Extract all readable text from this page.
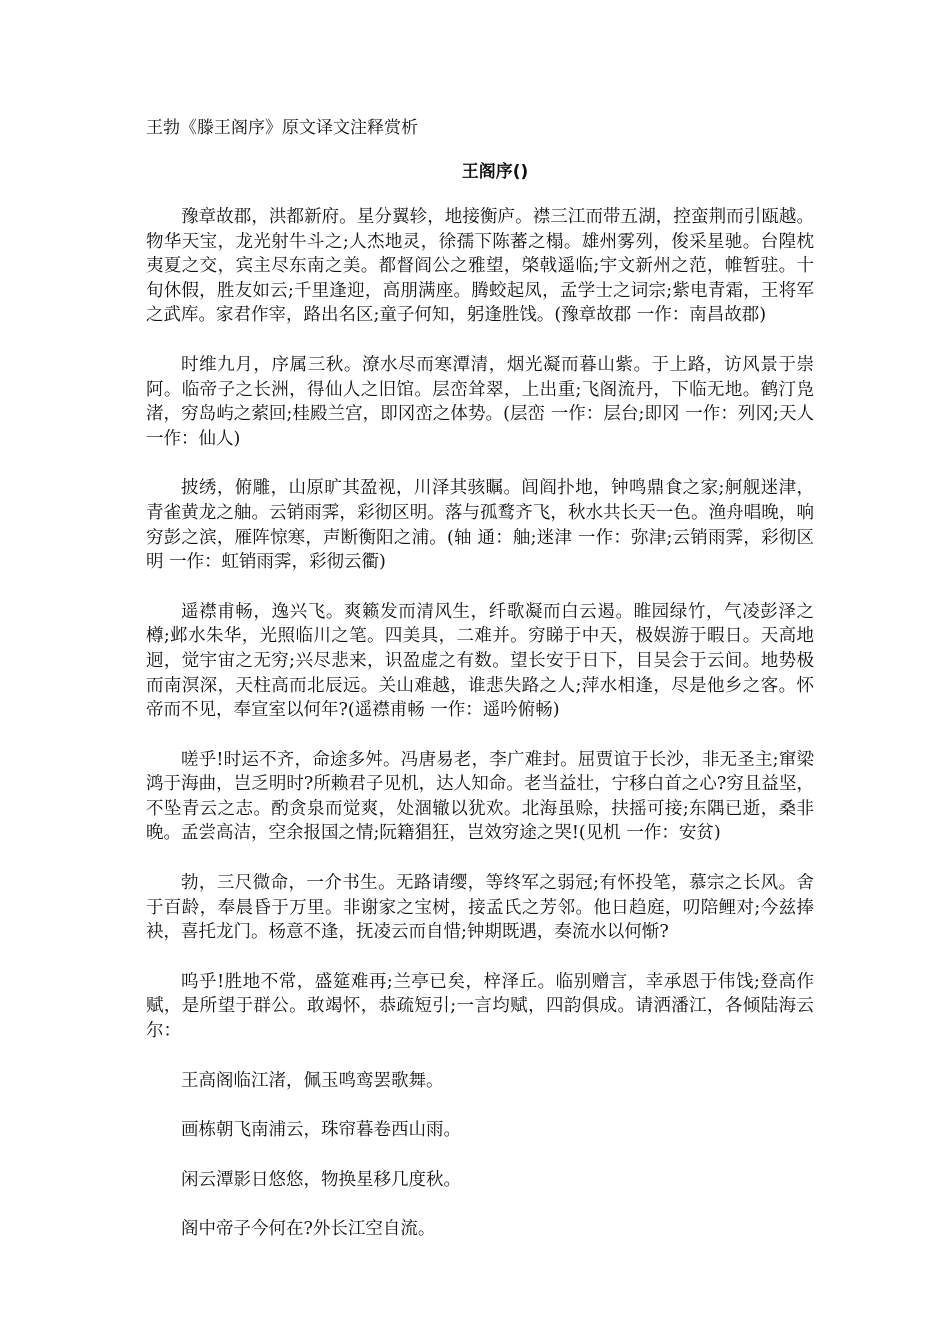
王勃《滕王阁序》原文译文注释赏析
王阁序()

豫章故郡，洪都新府。星分翼轸，地接衡庐。襟三江而带五湖，控蛮荆而引瓯越。物华天宝，龙光射牛斗之;人杰地灵，徐孺下陈蕃之榻。雄州雾列，俊采星驰。台隍枕夷夏之交，宾主尽东南之美。都督阎公之雅望，棨戟遥临;宇文新州之范，帷暂驻。十旬休假，胜友如云;千里逢迎，高朋满座。腾蛟起凤，孟学士之词宗;紫电青霜，王将军之武库。家君作宰，路出名区;童子何知，躬逢胜饯。(豫章故郡 一作：南昌故郡)

时维九月，序属三秋。潦水尽而寒潭清，烟光凝而暮山紫。于上路，访风景于崇阿。临帝子之长洲，得仙人之旧馆。层峦耸翠，上出重;飞阁流丹，下临无地。鹤汀凫渚，穷岛屿之萦回;桂殿兰宫，即冈峦之体势。(层峦 一作：层台;即冈 一作：列冈;天人 一作：仙人)

披绣，俯雕，山原旷其盈视，川泽其骇瞩。闾阎扑地，钟鸣鼎食之家;舸舰迷津，青雀黄龙之舳。云销雨霁，彩彻区明。落与孤鹜齐飞，秋水共长天一色。渔舟唱晚，响穷彭之滨，雁阵惊寒，声断衡阳之浦。(轴 通：舳;迷津 一作：弥津;云销雨霁，彩彻区明 一作：虹销雨霁，彩彻云衢)

遥襟甫畅，逸兴飞。爽籁发而清风生，纤歌凝而白云遏。睢园绿竹，气凌彭泽之樽;邺水朱华，光照临川之笔。四美具，二难并。穷睇于中天，极娱游于暇日。天高地迥，觉宇宙之无穷;兴尽悲来，识盈虚之有数。望长安于日下，目吴会于云间。地势极而南溟深，天柱高而北辰远。关山难越，谁悲失路之人;萍水相逢，尽是他乡之客。怀帝而不见，奉宣室以何年?(遥襟甫畅 一作：遥吟俯畅)

嗟乎!时运不齐，命途多舛。冯唐易老，李广难封。屈贾谊于长沙，非无圣主;窜梁鸿于海曲，岂乏明时?所赖君子见机，达人知命。老当益壮，宁移白首之心?穷且益坚，不坠青云之志。酌贪泉而觉爽，处涸辙以犹欢。北海虽赊，扶摇可接;东隅已逝，桑非晚。孟尝高洁，空余报国之情;阮籍猖狂，岂效穷途之哭!(见机 一作：安贫)

勃，三尺微命，一介书生。无路请缨，等终军之弱冠;有怀投笔，慕宗之长风。舍于百龄，奉晨昏于万里。非谢家之宝树，接孟氏之芳邻。他日趋庭，叨陪鲤对;今兹捧袂，喜托龙门。杨意不逢，抚凌云而自惜;钟期既遇，奏流水以何惭?

呜乎!胜地不常，盛筵难再;兰亭已矣，梓泽丘。临别赠言，幸承恩于伟饯;登高作赋，是所望于群公。敢竭怀，恭疏短引;一言均赋，四韵俱成。请洒潘江，各倾陆海云尔：

王高阁临江渚，佩玉鸣鸾罢歌舞。

画栋朝飞南浦云，珠帘暮卷西山雨。

闲云潭影日悠悠，物换星移几度秋。

阁中帝子今何在?外长江空自流。
